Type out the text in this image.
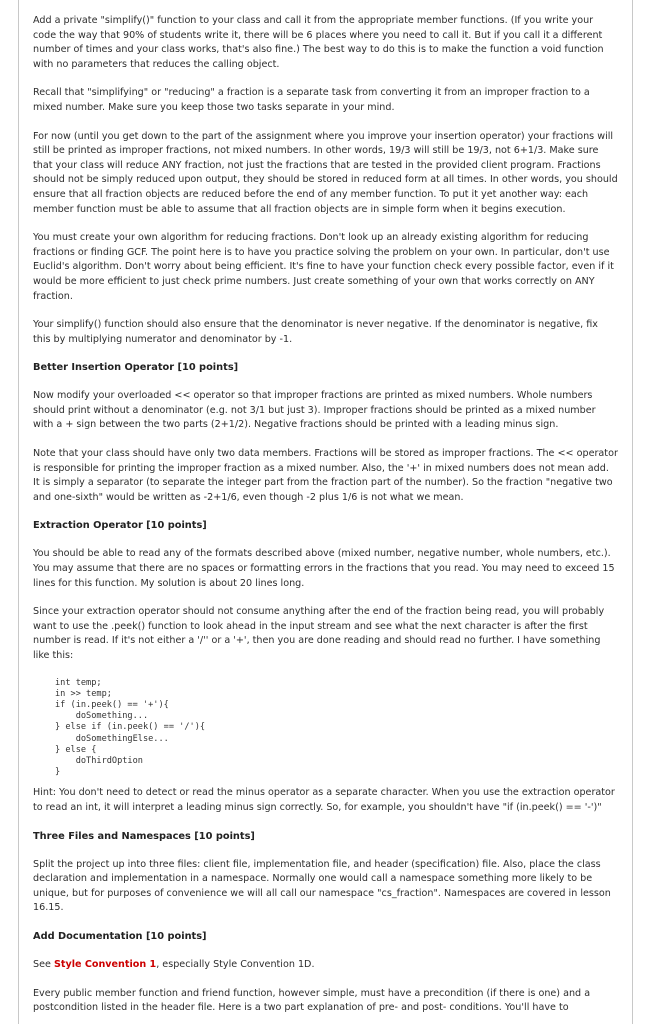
Add a private "simplify()" function to your class and call it from the appropriate member functions. (If you write your code the way that 90% of students write it, there will be 6 places where you need to call it. But if you call it a different number of times and your class works, that's also fine.) The best way to do this is to make the function a void function with no parameters that reduces the calling object.

Recall that "simplifying" or "reducing" a fraction is a separate task from converting it from an improper fraction to a mixed number. Make sure you keep those two tasks separate in your mind.

For now (until you get down to the part of the assignment where you improve your insertion operator) your fractions will still be printed as improper fractions, not mixed numbers. In other words, 19/3 will still be 19/3, not 6+1/3. Make sure that your class will reduce ANY fraction, not just the fractions that are tested in the provided client program. Fractions should not be simply reduced upon output, they should be stored in reduced form at all times. In other words, you should ensure that all fraction objects are reduced before the end of any member function. To put it yet another way: each member function must be able to assume that all fraction objects are in simple form when it begins execution.

You must create your own algorithm for reducing fractions. Don't look up an already existing algorithm for reducing fractions or finding GCF. The point here is to have you practice solving the problem on your own. In particular, don't use Euclid's algorithm. Don't worry about being efficient. It's fine to have your function check every possible factor, even if it would be more efficient to just check prime numbers. Just create something of your own that works correctly on ANY fraction.

Your simplify() function should also ensure that the denominator is never negative. If the denominator is negative, fix this by multiplying numerator and denominator by -1.

Better Insertion Operator [10 points]

Now modify your overloaded << operator so that improper fractions are printed as mixed numbers. Whole numbers should print without a denominator (e.g. not 3/1 but just 3). Improper fractions should be printed as a mixed number with a + sign between the two parts (2+1/2). Negative fractions should be printed with a leading minus sign.

Note that your class should have only two data members. Fractions will be stored as improper fractions. The << operator is responsible for printing the improper fraction as a mixed number. Also, the '+' in mixed numbers does not mean add. It is simply a separator (to separate the integer part from the fraction part of the number). So the fraction "negative two and one-sixth" would be written as -2+1/6, even though -2 plus 1/6 is not what we mean.

Extraction Operator [10 points]

You should be able to read any of the formats described above (mixed number, negative number, whole numbers, etc.). You may assume that there are no spaces or formatting errors in the fractions that you read. You may need to exceed 15 lines for this function. My solution is about 20 lines long.

Since your extraction operator should not consume anything after the end of the fraction being read, you will probably want to use the .peek() function to look ahead in the input stream and see what the next character is after the first number is read. If it's not either a '/'' or a '+', then you are done reading and should read no further. I have something like this:

int temp;
in >> temp;
if (in.peek() == '+'){
doSomething...
} else if (in.peek() == '/'){
doSomethingElse...
} else {
doThirdOption
}

Hint: You don't need to detect or read the minus operator as a separate character. When you use the extraction operator to read an int, it will interpret a leading minus sign correctly. So, for example, you shouldn't have "if (in.peek() == '-')"

Three Files and Namespaces [10 points]

Split the project up into three files: client file, implementation file, and header (specification) file. Also, place the class declaration and implementation in a namespace. Normally one would call a namespace something more likely to be unique, but for purposes of convenience we will all call our namespace "cs_fraction". Namespaces are covered in lesson 16.15.

Add Documentation [10 points]

See Style Convention 1, especially Style Convention 1D.

Every public member function and friend function, however simple, must have a precondition (if there is one) and a postcondition listed in the header file. Here is a two part explanation of pre- and post- conditions. You'll have to
